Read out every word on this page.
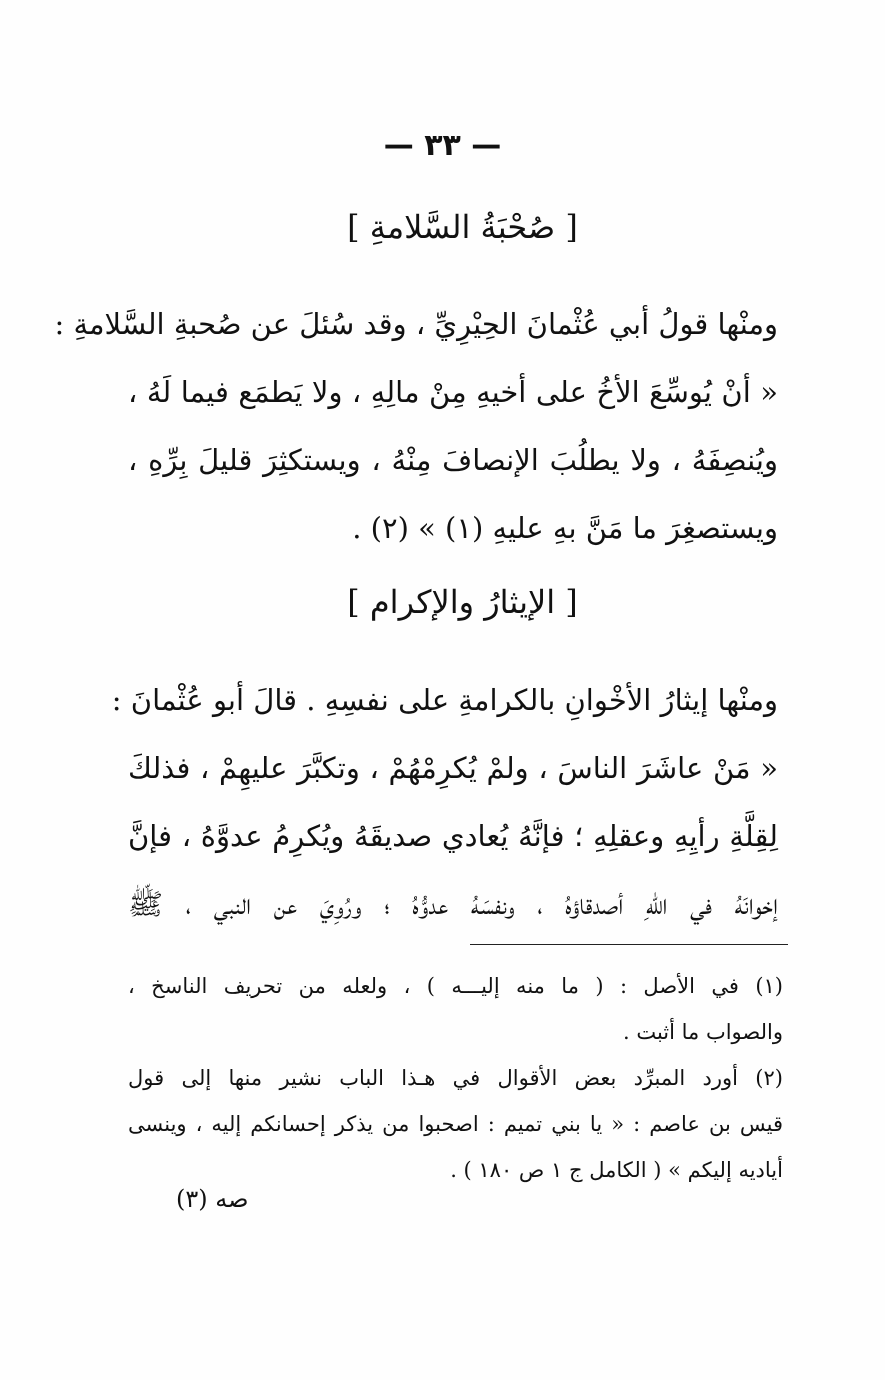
— ٣٣ —
[ صُحْبَةُ السَّلامةِ ]
ومنْها قولُ أبي عُثْمانَ الحِيْرِيِّ ، وقد سُئلَ عن صُحبةِ السَّلامةِ :
« أنْ يُوسِّعَ الأخُ على أخيهِ مِنْ مالِهِ ، ولا يَطمَع فيما لَهُ ،
ويُنصِفَهُ ، ولا يطلُبَ الإنصافَ مِنْهُ ، ويستكثِرَ قليلَ بِرِّهِ ،
ويستصغِرَ ما مَنَّ بهِ عليهِ (١) » (٢) .
[ الإيثارُ والإكرام ]
ومنْها إيثارُ الأخْوانِ بالكرامةِ على نفسِهِ . قالَ أبو عُثْمانَ :
« مَنْ عاشَرَ الناسَ ، ولمْ يُكرِمْهُمْ ، وتكبَّرَ عليهِمْ ، فذلكَ
لِقِلَّةِ رأيِهِ وعقلِهِ ؛ فإنَّهُ يُعادي صديقَهُ ويُكرِمُ عدوَّهُ ، فإنَّ
إخوانَهُ في اللهِ أصدقاؤهُ ، ونفسَهُ عدوُّهُ ؛ ورُوِيَ عن النبي ، ﷺ
(١) في الأصل : ( ما منه إليـــه ) ، ولعله من تحريف الناسخ ،
والصواب ما أثبت .
(٢) أورد المبرِّد بعض الأقوال في هـذا الباب نشير منها إلى قول
قيس بن عاصم : « يا بني تميم : اصحبوا من يذكر إحسانكم إليه ، وينسى
أياديه إليكم » ( الكامل ج ١ ص ١٨٠ ) .
صه (٣)
